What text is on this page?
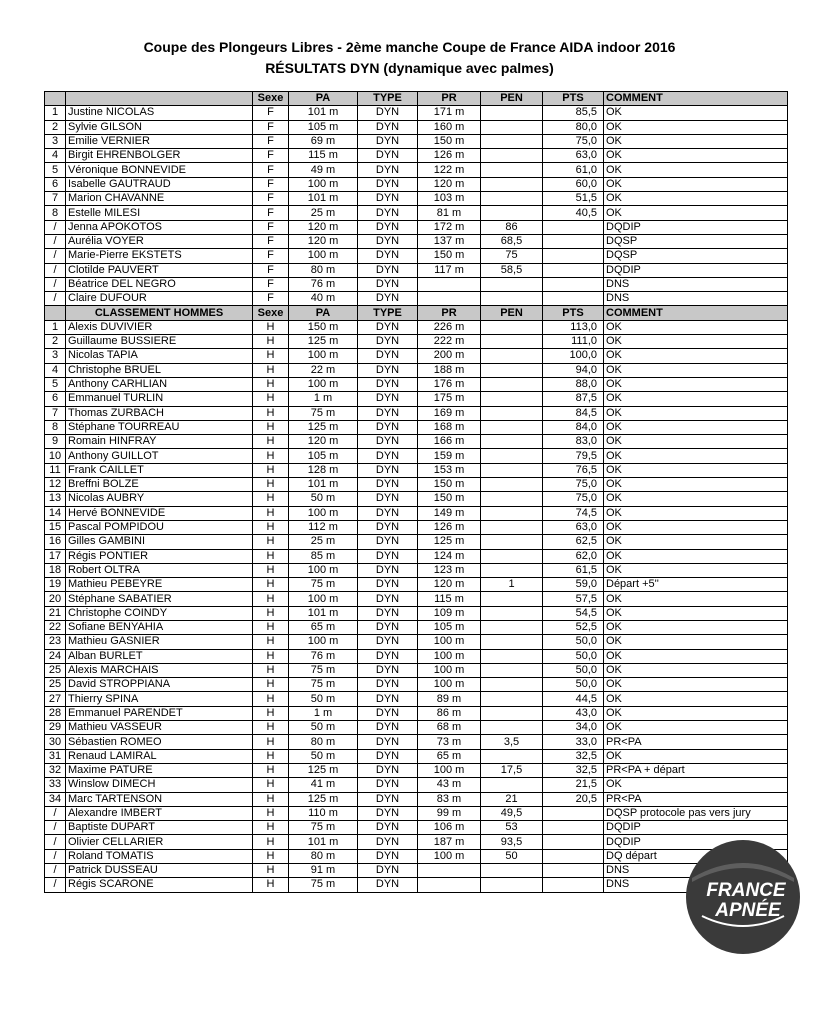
Coupe des Plongeurs Libres - 2ème manche Coupe de France AIDA indoor 2016
RÉSULTATS DYN (dynamique avec palmes)
		Sexe	PA	TYPE	PR	PEN	PTS	COMMENT
1	Justine NICOLAS	F	101 m	DYN	171 m		85,5	OK
2	Sylvie GILSON	F	105 m	DYN	160 m		80,0	OK
3	Emilie VERNIER	F	69 m	DYN	150 m		75,0	OK
4	Birgit EHRENBOLGER	F	115 m	DYN	126 m		63,0	OK
5	Véronique BONNEVIDE	F	49 m	DYN	122 m		61,0	OK
6	Isabelle GAUTRAUD	F	100 m	DYN	120 m		60,0	OK
7	Marion CHAVANNE	F	101 m	DYN	103 m		51,5	OK
8	Estelle MILESI	F	25 m	DYN	81 m		40,5	OK
/	Jenna APOKOTOS	F	120 m	DYN	172 m	86		DQDIP
/	Aurélia VOYER	F	120 m	DYN	137 m	68,5		DQSP
/	Marie-Pierre EKSTETS	F	100 m	DYN	150 m	75		DQSP
/	Clotilde PAUVERT	F	80 m	DYN	117 m	58,5		DQDIP
/	Béatrice DEL NEGRO	F	76 m	DYN				DNS
/	Claire DUFOUR	F	40 m	DYN				DNS
	CLASSEMENT HOMMES	Sexe	PA	TYPE	PR	PEN	PTS	COMMENT
1	Alexis DUVIVIER	H	150 m	DYN	226 m		113,0	OK
2	Guillaume BUSSIERE	H	125 m	DYN	222 m		111,0	OK
3	Nicolas TAPIA	H	100 m	DYN	200 m		100,0	OK
4	Christophe BRUEL	H	22 m	DYN	188 m		94,0	OK
5	Anthony CARHLIAN	H	100 m	DYN	176 m		88,0	OK
6	Emmanuel TURLIN	H	1 m	DYN	175 m		87,5	OK
7	Thomas ZURBACH	H	75 m	DYN	169 m		84,5	OK
8	Stéphane TOURREAU	H	125 m	DYN	168 m		84,0	OK
9	Romain HINFRAY	H	120 m	DYN	166 m		83,0	OK
10	Anthony GUILLOT	H	105 m	DYN	159 m		79,5	OK
11	Frank CAILLET	H	128 m	DYN	153 m		76,5	OK
12	Breffni BOLZE	H	101 m	DYN	150 m		75,0	OK
13	Nicolas AUBRY	H	50 m	DYN	150 m		75,0	OK
14	Hervé BONNEVIDE	H	100 m	DYN	149 m		74,5	OK
15	Pascal POMPIDOU	H	112 m	DYN	126 m		63,0	OK
16	Gilles GAMBINI	H	25 m	DYN	125 m		62,5	OK
17	Régis PONTIER	H	85 m	DYN	124 m		62,0	OK
18	Robert OLTRA	H	100 m	DYN	123 m		61,5	OK
19	Mathieu PEBEYRE	H	75 m	DYN	120 m	1	59,0	Départ +5''
20	Stéphane SABATIER	H	100 m	DYN	115 m		57,5	OK
21	Christophe COINDY	H	101 m	DYN	109 m		54,5	OK
22	Sofiane BENYAHIA	H	65 m	DYN	105 m		52,5	OK
23	Mathieu GASNIER	H	100 m	DYN	100 m		50,0	OK
24	Alban BURLET	H	76 m	DYN	100 m		50,0	OK
25	Alexis MARCHAIS	H	75 m	DYN	100 m		50,0	OK
25	David STROPPIANA	H	75 m	DYN	100 m		50,0	OK
27	Thierry SPINA	H	50 m	DYN	89 m		44,5	OK
28	Emmanuel PARENDET	H	1 m	DYN	86 m		43,0	OK
29	Mathieu VASSEUR	H	50 m	DYN	68 m		34,0	OK
30	Sébastien ROMEO	H	80 m	DYN	73 m	3,5	33,0	PR<PA
31	Renaud LAMIRAL	H	50 m	DYN	65 m		32,5	OK
32	Maxime PATURE	H	125 m	DYN	100 m	17,5	32,5	PR<PA + départ
33	Winslow DIMECH	H	41 m	DYN	43 m		21,5	OK
34	Marc TARTENSON	H	125 m	DYN	83 m	21	20,5	PR<PA
/	Alexandre IMBERT	H	110 m	DYN	99 m	49,5		DQSP protocole pas vers jury
/	Baptiste DUPART	H	75 m	DYN	106 m	53		DQDIP
/	Olivier CELLARIER	H	101 m	DYN	187 m	93,5		DQDIP
/	Roland TOMATIS	H	80 m	DYN	100 m	50		DQ départ
/	Patrick DUSSEAU	H	91 m	DYN				DNS
/	Régis SCARONE	H	75 m	DYN				DNS	FRANCE
APNÉE
